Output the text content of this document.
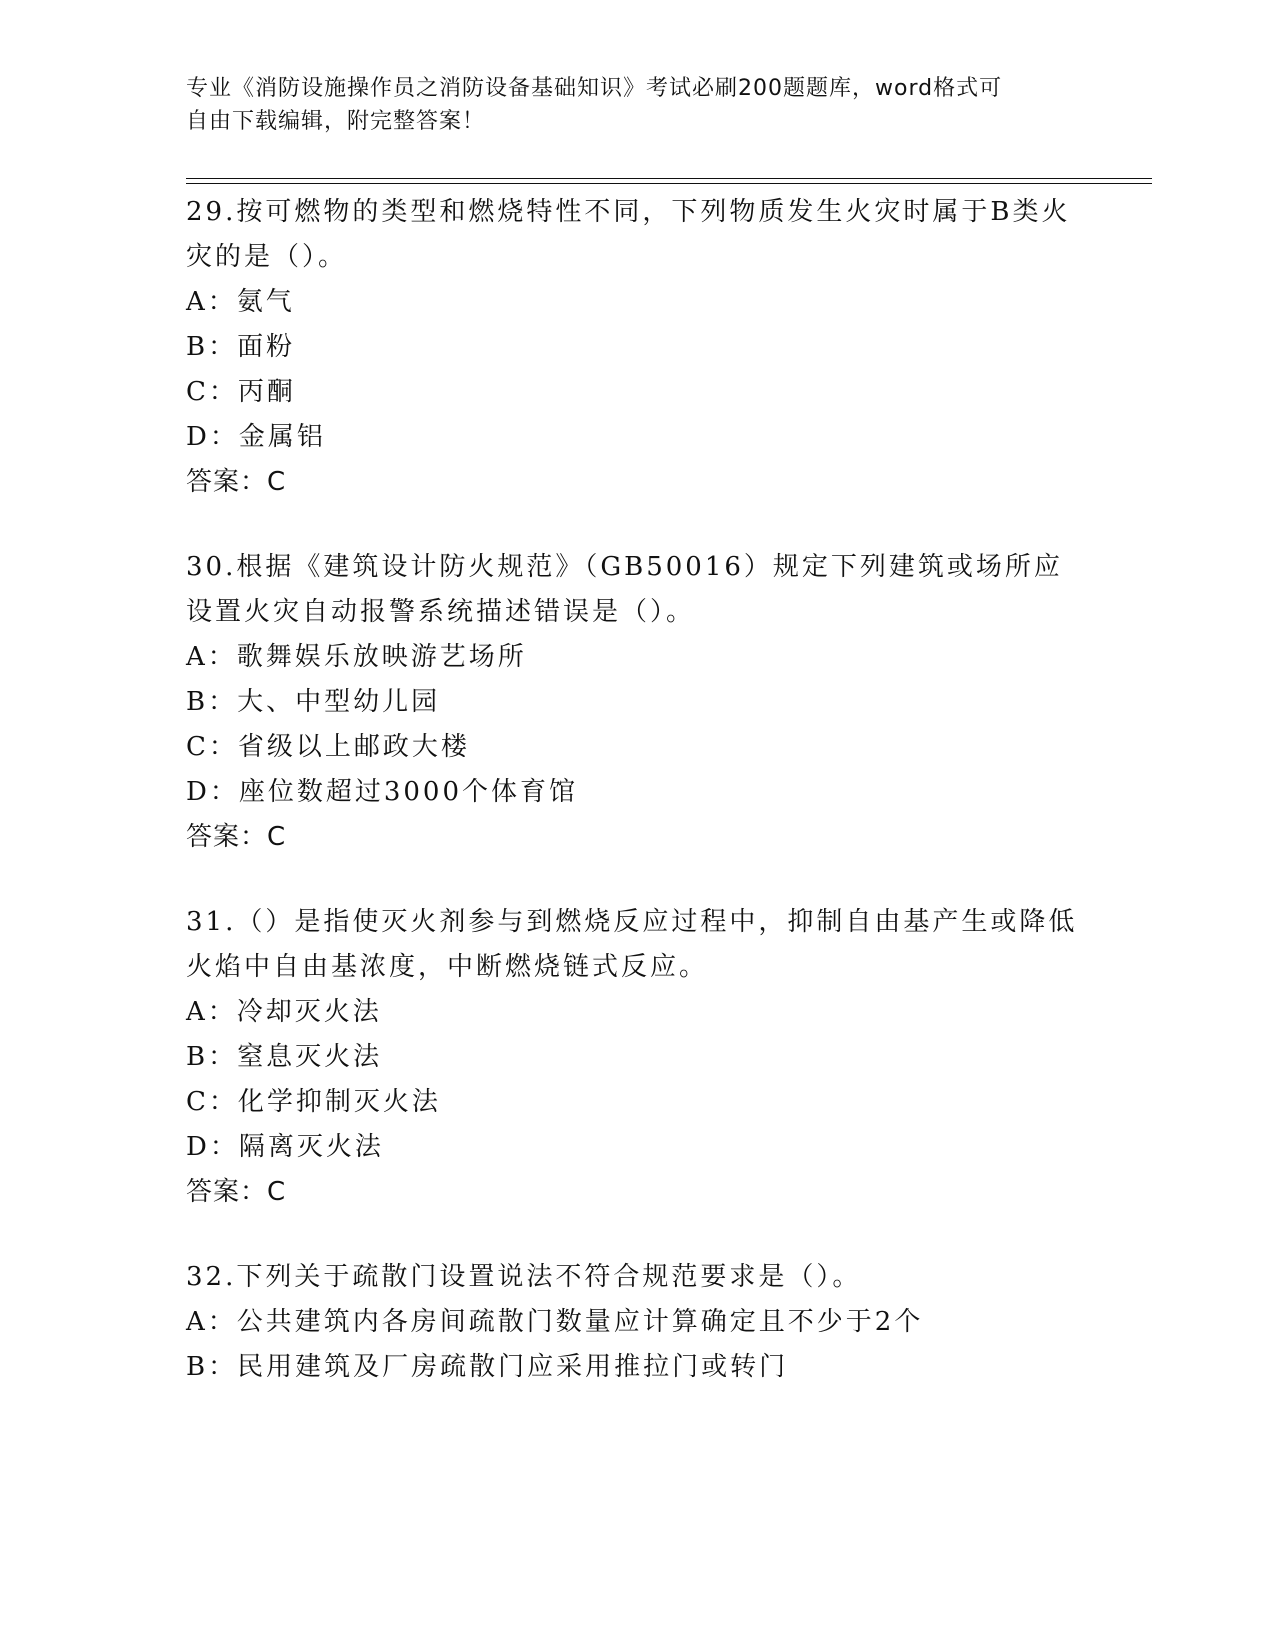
专业《消防设施操作员之消防设备基础知识》考试必刷200题题库，word格式可
自由下载编辑，附完整答案！
29.按可燃物的类型和燃烧特性不同，下列物质发生火灾时属于B类火灾的是（）。
A：氨气
B：面粉
C：丙酮
D：金属铝
答案：C
30.根据《建筑设计防火规范》（GB50016）规定下列建筑或场所应设置火灾自动报警系统描述错误是（）。
A：歌舞娱乐放映游艺场所
B：大、中型幼儿园
C：省级以上邮政大楼
D：座位数超过3000个体育馆
答案：C
31.（）是指使灭火剂参与到燃烧反应过程中，抑制自由基产生或降低火焰中自由基浓度，中断燃烧链式反应。
A：冷却灭火法
B：窒息灭火法
C：化学抑制灭火法
D：隔离灭火法
答案：C
32.下列关于疏散门设置说法不符合规范要求是（）。
A：公共建筑内各房间疏散门数量应计算确定且不少于2个
B：民用建筑及厂房疏散门应采用推拉门或转门
